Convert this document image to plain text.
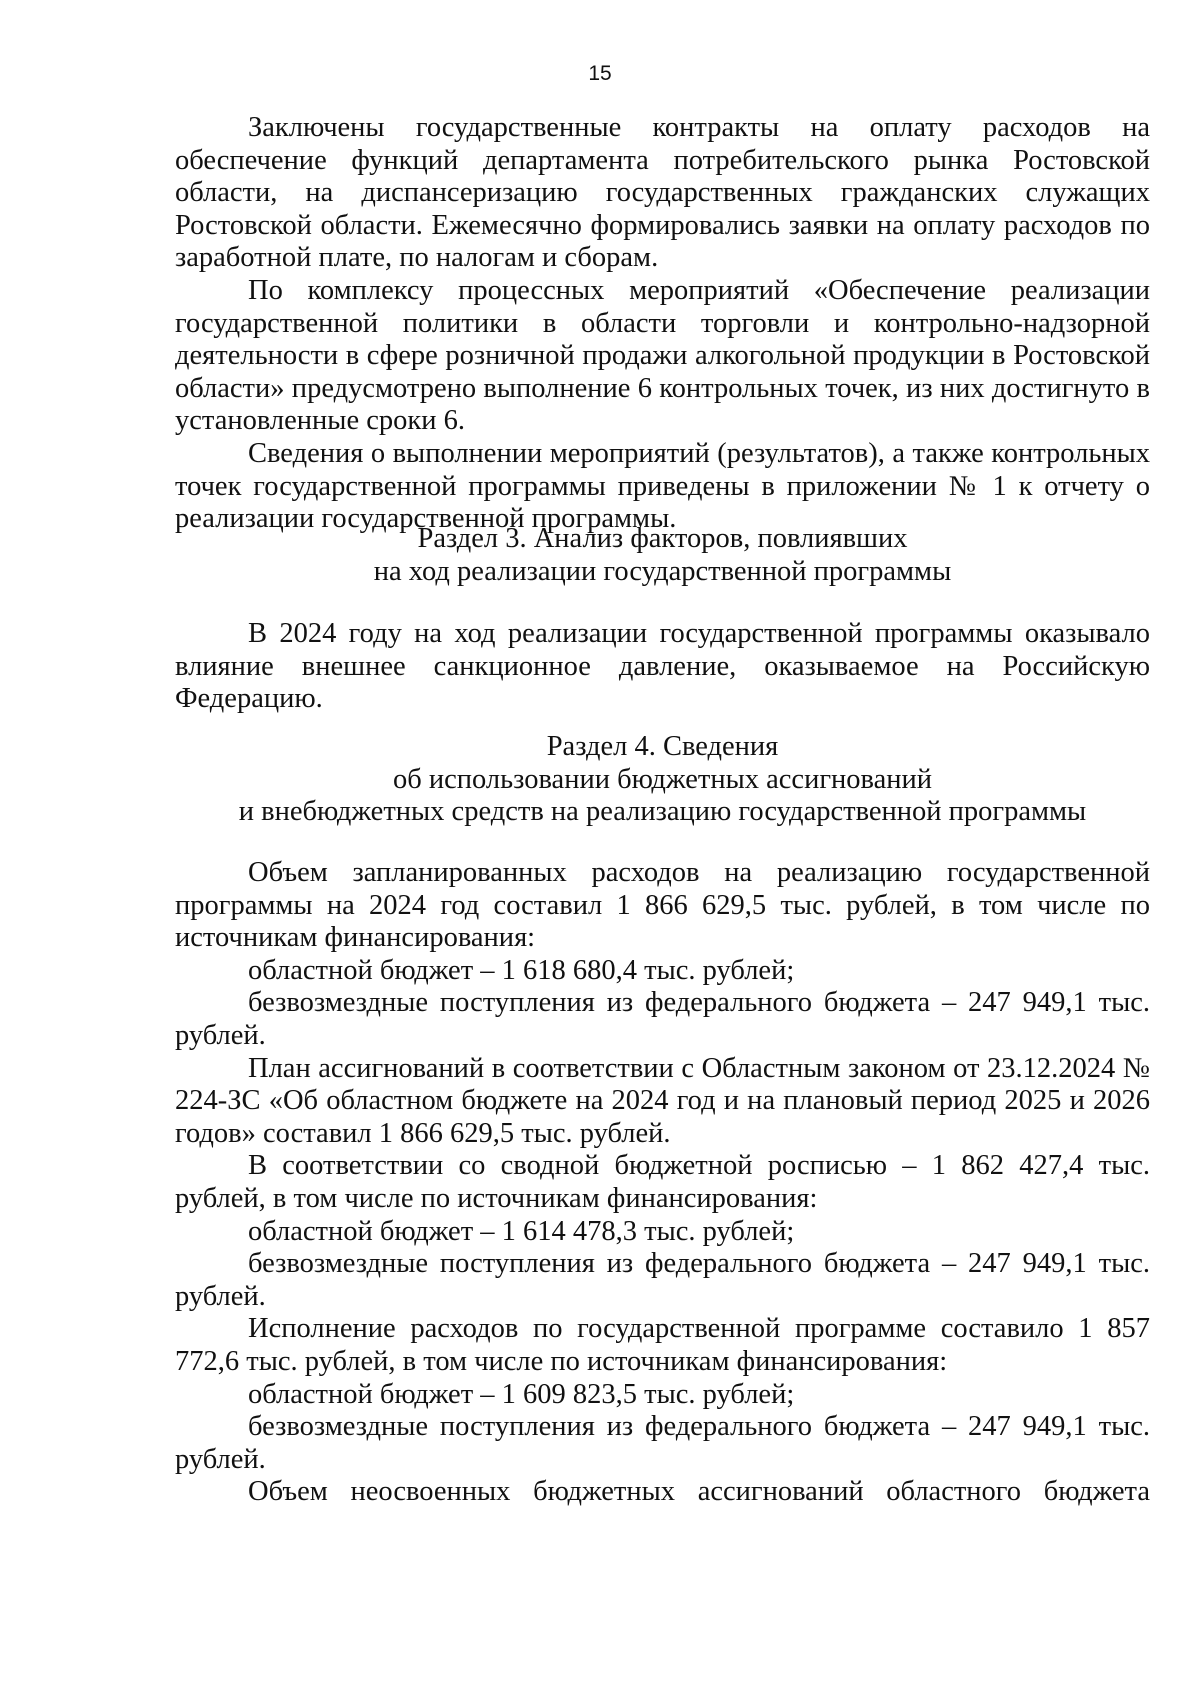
15

Заключены государственные контракты на оплату расходов на обеспечение функций департамента потребительского рынка Ростовской области, на диспансеризацию государственных гражданских служащих Ростовской области. Ежемесячно формировались заявки на оплату расходов по заработной плате, по налогам и сборам.

По комплексу процессных мероприятий «Обеспечение реализации государственной политики в области торговли и контрольно-надзорной деятельности в сфере розничной продажи алкогольной продукции в Ростовской области» предусмотрено выполнение 6 контрольных точек, из них достигнуто в установленные сроки 6.

Сведения о выполнении мероприятий (результатов), а также контрольных точек государственной программы приведены в приложении № 1 к отчету о реализации государственной программы.

Раздел 3. Анализ факторов, повлиявших

на ход реализации государственной программы

В 2024 году на ход реализации государственной программы оказывало влияние внешнее санкционное давление, оказываемое на Российскую Федерацию.

Раздел 4. Сведения

об использовании бюджетных ассигнований

и внебюджетных средств на реализацию государственной программы

Объем запланированных расходов на реализацию государственной программы на 2024 год составил 1 866 629,5 тыс. рублей, в том числе по источникам финансирования:

областной бюджет – 1 618 680,4 тыс. рублей;

безвозмездные поступления из федерального бюджета – 247 949,1 тыс. рублей.

План ассигнований в соответствии с Областным законом от 23.12.2024 № 224-ЗС «Об областном бюджете на 2024 год и на плановый период 2025 и 2026 годов» составил 1 866 629,5 тыс. рублей.

В соответствии со сводной бюджетной росписью – 1 862 427,4 тыс. рублей, в том числе по источникам финансирования:

областной бюджет – 1 614 478,3 тыс. рублей;

безвозмездные поступления из федерального бюджета – 247 949,1 тыс. рублей.

Исполнение расходов по государственной программе составило 1 857 772,6 тыс. рублей, в том числе по источникам финансирования:

областной бюджет – 1 609 823,5 тыс. рублей;

безвозмездные поступления из федерального бюджета – 247 949,1 тыс. рублей.

Объем неосвоенных бюджетных ассигнований областного бюджета
